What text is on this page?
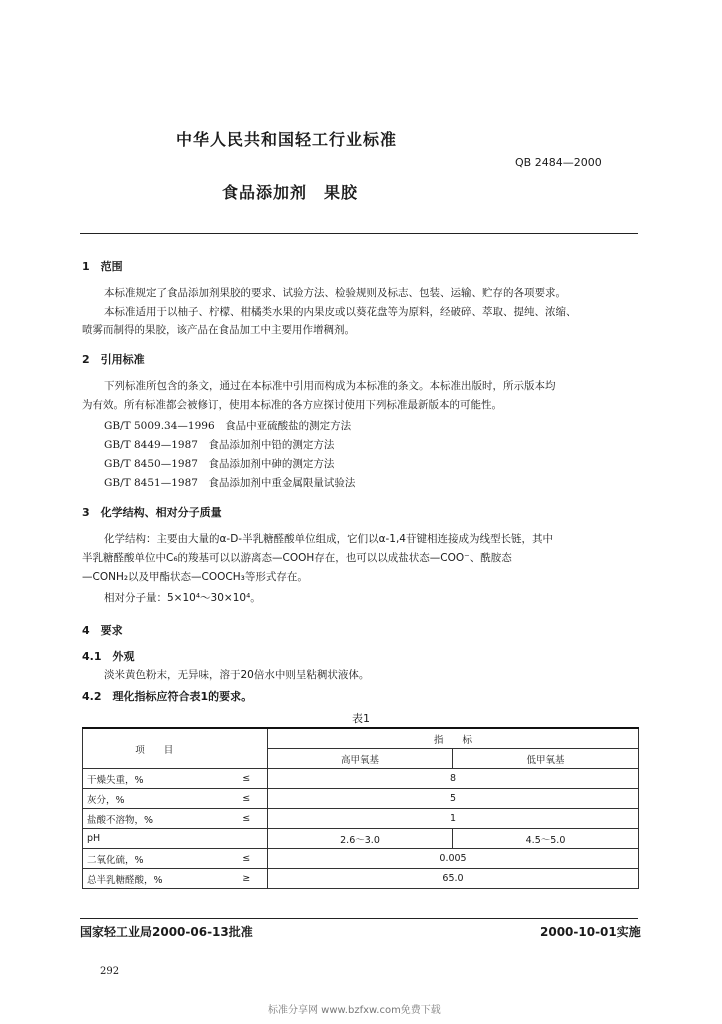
中华人民共和国轻工行业标准
QB 2484—2000
食品添加剂　果胶
1　范围
本标准规定了食品添加剂果胶的要求、试验方法、检验规则及标志、包装、运输、贮存的各项要求。
本标准适用于以柚子、柠檬、柑橘类水果的内果皮或以葵花盘等为原料，经破碎、萃取、提纯、浓缩、
喷雾而制得的果胶，该产品在食品加工中主要用作增稠剂。
2　引用标准
下列标准所包含的条文，通过在本标准中引用而构成为本标准的条文。本标准出版时，所示版本均
为有效。所有标准都会被修订，使用本标准的各方应探讨使用下列标准最新版本的可能性。
GB/T 5009.34—1996　食品中亚硫酸盐的测定方法
GB/T 8449—1987　食品添加剂中铅的测定方法
GB/T 8450—1987　食品添加剂中砷的测定方法
GB/T 8451—1987　食品添加剂中重金属限量试验法
3　化学结构、相对分子质量
化学结构：主要由大量的α-D-半乳糖醛酸单位组成，它们以α-1,4苷键相连接成为线型长链，其中
半乳糖醛酸单位中C₆的羧基可以以游离态—COOH存在，也可以以成盐状态—COO⁻、酰胺态
—CONH₂以及甲酯状态—COOCH₃等形式存在。
相对分子量：5×10⁴～30×10⁴。
4　要求
4.1　外观
淡米黄色粉末，无异味，溶于20倍水中则呈粘稠状液体。
4.2　理化指标应符合表1的要求。
表1
项　　目		指　　标	
		高甲氧基	低甲氧基
干燥失重，%	≤	8	
灰分，%	≤	5	
盐酸不溶物，%	≤	1	
pH		2.6～3.0	4.5～5.0
二氧化硫，%	≤	0.005	
总半乳糖醛酸，%	≥	65.0	
国家轻工业局2000-06-13批准	2000-10-01实施
292
标准分享网 www.bzfxw.com免费下载
